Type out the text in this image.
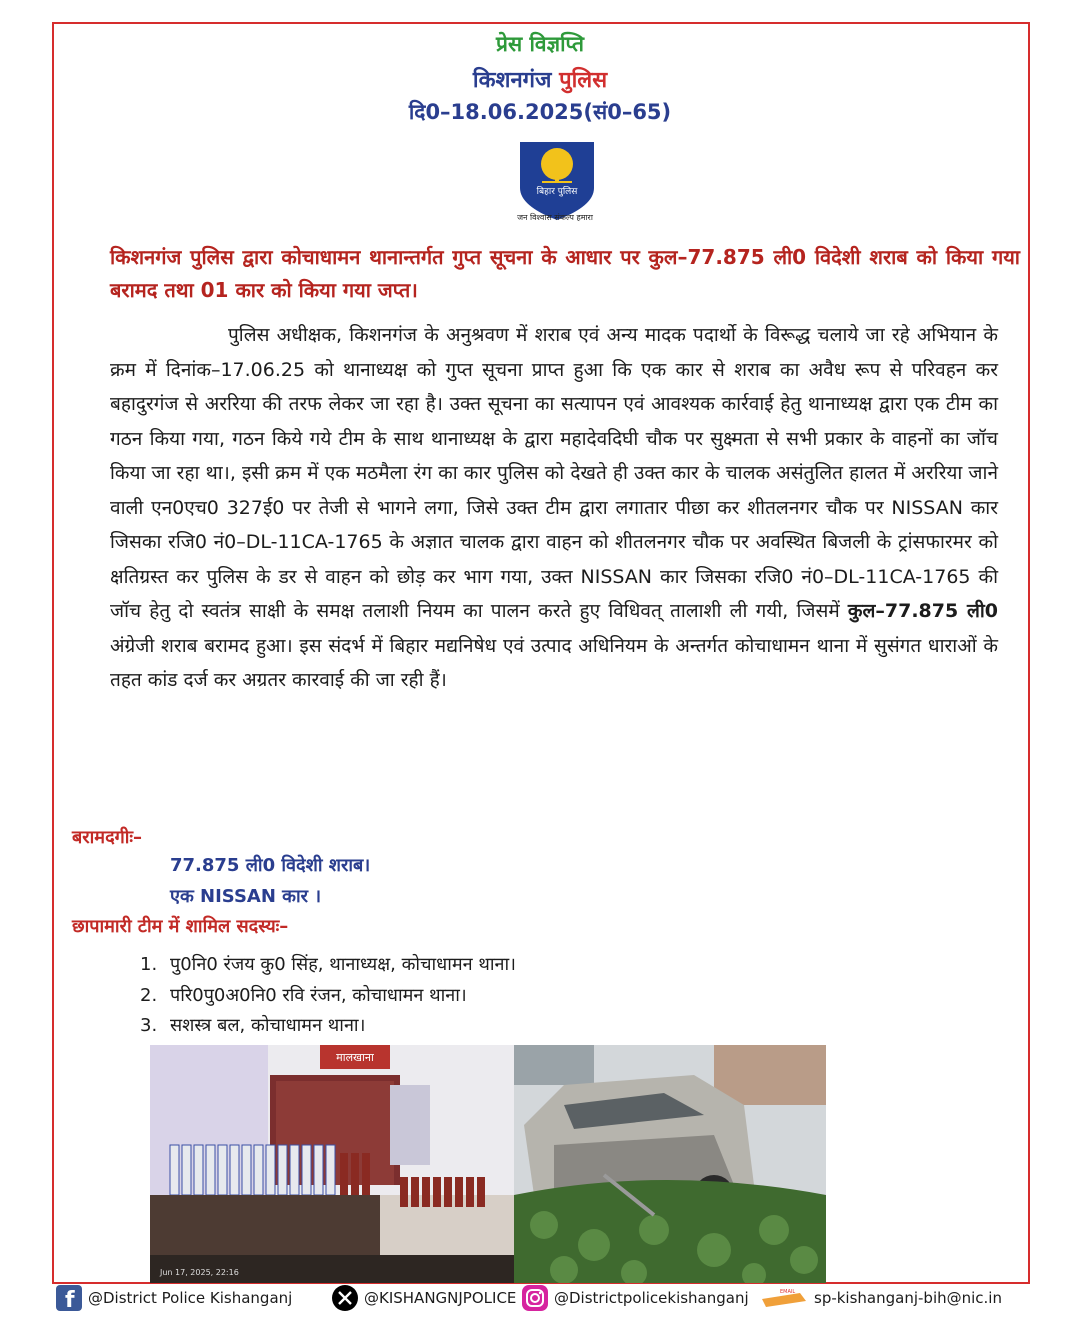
प्रेस विज्ञप्ति
किशनगंज पुलिस
दि0–18.06.2025(सं0–65)
बिहार पुलिस
जन विश्वास संकल्प हमारा
किशनगंज पुलिस द्वारा कोचाधामन थानान्तर्गत गुप्त सूचना के आधार पर कुल–77.875 ली0 विदेशी शराब को किया गया बरामद तथा 01 कार को किया गया जप्त।
पुलिस अधीक्षक, किशनगंज के अनुश्रवण में शराब एवं अन्य मादक पदार्थो के विरूद्ध चलाये जा रहे अभियान के क्रम में दिनांक–17.06.25 को थानाध्यक्ष को गुप्त सूचना प्राप्त हुआ कि एक कार से शराब का अवैध रूप से परिवहन कर बहादुरगंज से अररिया की तरफ लेकर जा रहा है। उक्त सूचना का सत्यापन एवं आवश्यक कार्रवाई हेतु थानाध्यक्ष द्वारा एक टीम का गठन किया गया, गठन किये गये टीम के साथ थानाध्यक्ष के द्वारा महादेवदिघी चौक पर सुक्ष्मता से सभी प्रकार के वाहनों का जॉच किया जा रहा था।, इसी क्रम में एक मठमैला रंग का कार पुलिस को देखते ही उक्त कार के चालक असंतुलित हालत में अररिया जाने वाली एन0एच0 327ई0 पर तेजी से भागने लगा, जिसे उक्त टीम द्वारा लगातार पीछा कर शीतलनगर चौक पर NISSAN कार जिसका रजि0 नं0–DL-11CA-1765 के अज्ञात चालक द्वारा वाहन को शीतलनगर चौक पर अवस्थित बिजली के ट्रांसफारमर को क्षतिग्रस्त कर पुलिस के डर से वाहन को छोड़ कर भाग गया, उक्त NISSAN कार जिसका रजि0 नं0–DL-11CA-1765 की जॉच हेतु दो स्वतंत्र साक्षी के समक्ष तलाशी नियम का पालन करते हुए विधिवत् तालाशी ली गयी, जिसमें कुल–77.875 ली0 अंग्रेजी शराब बरामद हुआ। इस संदर्भ में बिहार मद्यनिषेध एवं उत्पाद अधिनियम के अन्तर्गत कोचाधामन थाना में सुसंगत धाराओं के तहत कांड दर्ज कर अग्रतर कारवाई की जा रही हैं।
बरामदगीः–
77.875 ली0 विदेशी शराब।
एक NISSAN कार ।
छापामारी टीम में शामिल सदस्यः–
1. पु0नि0 रंजय कु0 सिंह, थानाध्यक्ष, कोचाधामन थाना।
2. परि0पु0अ0नि0 रवि रंजन, कोचाधामन थाना।
3. सशस्त्र बल, कोचाधामन थाना।
मालखाना
Jun 17, 2025, 22:16
f @District Police Kishanganj	@KISHANGNJPOLICE	@Districtpolicekishanganj	EMAIL sp-kishanganj-bih@nic.in
